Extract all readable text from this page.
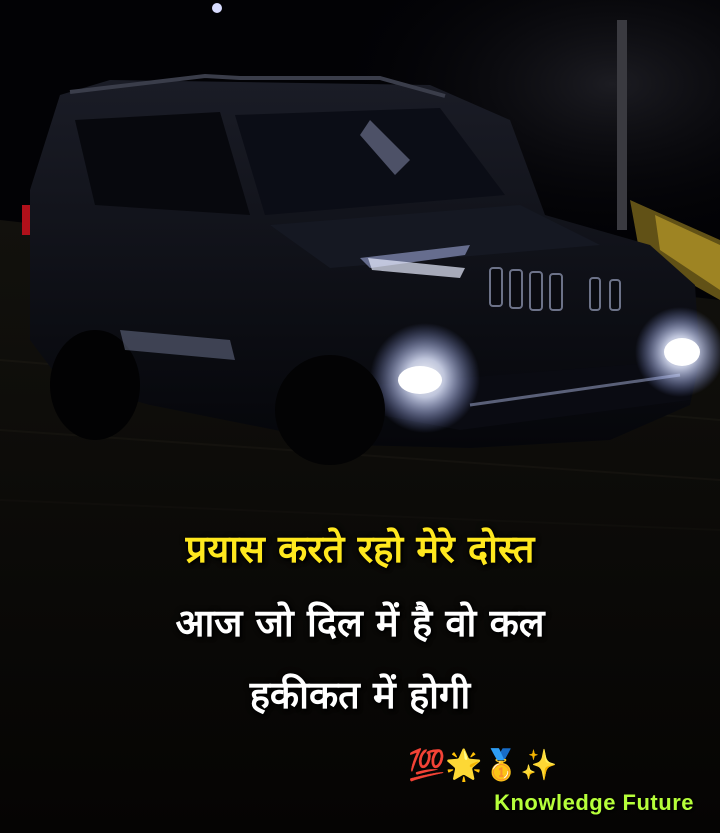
प्रयास करते रहो मेरे दोस्त
आज जो दिल में है वो कल
हकीकत में होगी
💯🌟🥇✨
Knowledge Future
